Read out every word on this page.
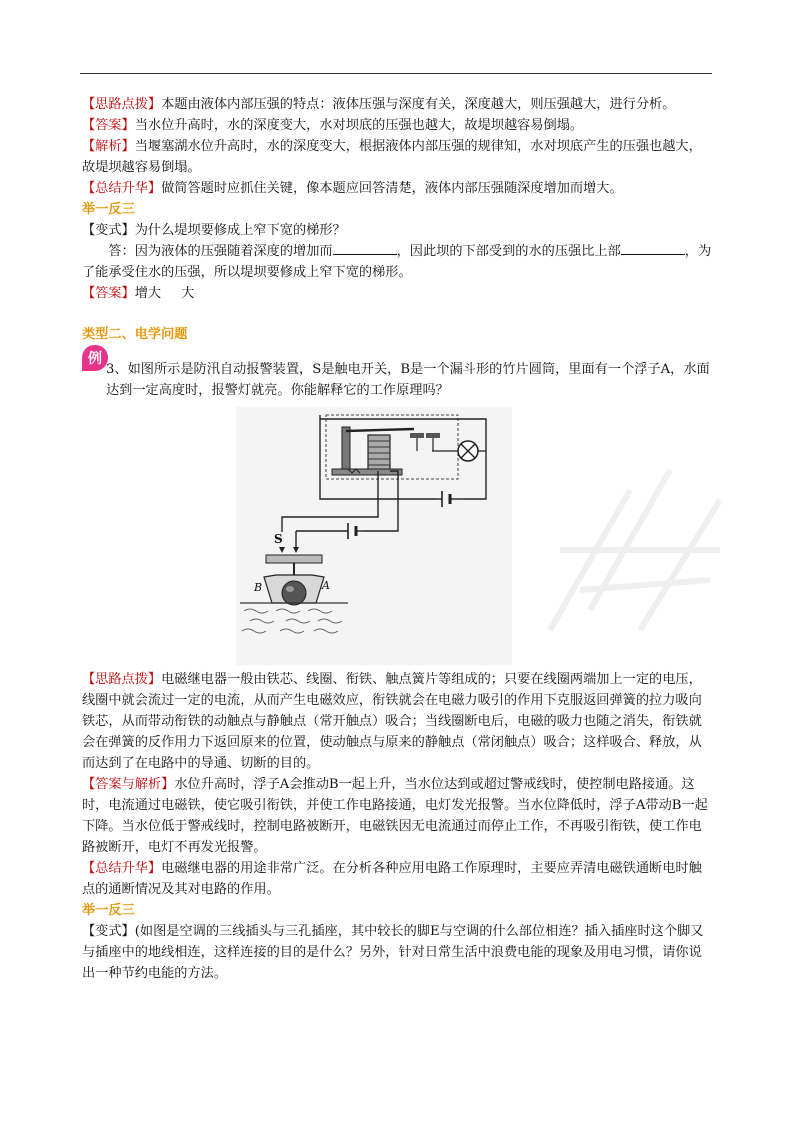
【思路点拨】本题由液体内部压强的特点：液体压强与深度有关，深度越大，则压强越大，进行分析。

【答案】当水位升高时，水的深度变大，水对坝底的压强也越大，故堤坝越容易倒塌。

【解析】当堰塞湖水位升高时，水的深度变大，根据液体内部压强的规律知，水对坝底产生的压强也越大，故堤坝越容易倒塌。

【总结升华】做简答题时应抓住关键，像本题应回答清楚，液体内部压强随深度增加而增大。

举一反三

【变式】为什么堤坝要修成上窄下宽的梯形？

答：因为液体的压强随着深度的增加而	，因此坝的下部受到的水的压强比上部	，为了能承受住水的压强，所以堤坝要修成上窄下宽的梯形。

【答案】增大 大

类型二、电学问题

例

3、如图所示是防汛自动报警装置，S是触电开关，B是一个漏斗形的竹片圆筒，里面有一个浮子A，水面达到一定高度时，报警灯就亮。你能解释它的工作原理吗？

S
B	A

【思路点拨】电磁继电器一般由铁芯、线圈、衔铁、触点簧片等组成的；只要在线圈两端加上一定的电压，线圈中就会流过一定的电流，从而产生电磁效应，衔铁就会在电磁力吸引的作用下克服返回弹簧的拉力吸向铁芯，从而带动衔铁的动触点与静触点（常开触点）吸合；当线圈断电后，电磁的吸力也随之消失，衔铁就会在弹簧的反作用力下返回原来的位置，使动触点与原来的静触点（常闭触点）吸合；这样吸合、释放，从而达到了在电路中的导通、切断的目的。

【答案与解析】水位升高时，浮子A会推动B一起上升，当水位达到或超过警戒线时，使控制电路接通。这时，电流通过电磁铁，使它吸引衔铁，并使工作电路接通，电灯发光报警。当水位降低时，浮子A带动B一起下降。当水位低于警戒线时，控制电路被断开，电磁铁因无电流通过而停止工作，不再吸引衔铁，使工作电路被断开，电灯不再发光报警。

【总结升华】电磁继电器的用途非常广泛。在分析各种应用电路工作原理时，主要应弄清电磁铁通断电时触点的通断情况及其对电路的作用。

举一反三

【变式】(如图是空调的三线插头与三孔插座，其中较长的脚E与空调的什么部位相连？插入插座时这个脚又与插座中的地线相连，这样连接的目的是什么？另外，针对日常生活中浪费电能的现象及用电习惯，请你说出一种节约电能的方法。
